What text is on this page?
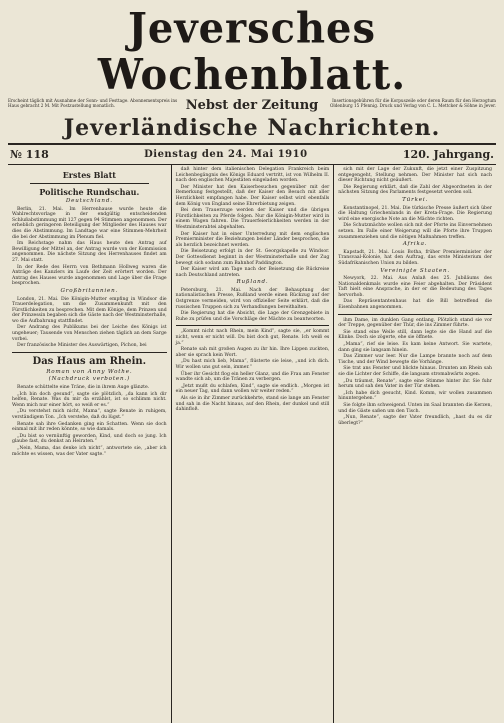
Jeversches Wochenblatt.
Erscheint täglich mit Ausnahme der Sonn- und Festtage. Abonnementspreis ins Haus gebracht 2 M. Mit Postzustellung monatlich.	Nebst der Zeitung	Insertionsgebühren für die Korpuszeile oder deren Raum für den Herzogtum Oldenburg 15 Pfennig. Druck und Verlag von C. L. Mettcker & Söhne in Jever.
Jeverländische Nachrichten.
№ 118	Dienstag den 24. Mai 1910	120. Jahrgang.
Erstes Blatt
Politische Rundschau.
Deutschland.

Berlin, 21. Mai. Im Herrenhause wurde heute die Wahlrechtsvorlage in der endgültig entscheidenden Schlußabstimmung mit 127 gegen 94 Stimmen angenommen. Der erheblich geringeren Beteiligung der Mitglieder des Hauses war dies die Abstimmung. Im Landtage war eine Stimmen-Mehrheit die bei der Abstimmung im Plenum fiel.

Im Reichstage nahm das Haus heute den Antrag auf Bewilligung der Mittel an, der Antrag wurde von der Kommission angenommen. Die nächste Sitzung des Herrenhauses findet am 27. Mai statt.

In der Rede des Herrn von Bethmann Hollweg waren die Anträge des Kanzlers im Laufe der Zeit erörtert worden. Der Antrag des Hauses wurde angenommen und Lage über die Frage besprochen.

Großbritannien.

London, 21. Mai. Die Königin-Mutter empfing in Windsor die Trauerdelegation, um die Zusammenkunft mit den Fürstlichkeiten zu besprechen. Mit dem Könige, dem Prinzen und der Prinzessin begaben sich die Gäste nach der Westminsterhalle, wo die Aufbahrung stattfindet.

Der Andrang des Publikums bei der Leiche des Königs ist ungeheuer; Tausende von Menschen ziehen täglich an dem Sarge vorbei.

Der französische Minister des Auswärtigen, Pichon, bei

Das Haus am Rhein.
Roman von Anny Wothe.
(Nachdruck verboten.)

Renate schüttelte eine Träne, die in ihrem Auge glänzte.

„Ich bin doch gesund“, sagte sie plötzlich, „da kann ich dir helfen, Renate. Was du mir da erzählst, ist so schlimm nicht. Wenn mich nur einer hört, so weiß er es.“

„Du verstehst mich nicht, Mama“, sagte Renate in ruhigem, verständigem Ton. „Ich verstehe, daß du lügst.“

Renate sah ihre Gedanken ging ein Schatten. Wenn sie doch einmal mit ihr reden könnte, so wie damals.

„Du bist so vernünftig geworden, Kind, und doch so jung. Ich glaube fast, du denkst an Heiraten.“

„Nein, Mama, das denke ich nicht“, antwortete sie, „aber ich möchte es wissen, was der Vater sagte.“

daß hinter dem italienischen Delegation Frankreich beim Leichenbegängnis des Königs Eduard vertritt, ist von Wilhelm II. nach den englischen Majestäten eingeladen worden.

Der Minister hat den Kaiserbesuchen gegenüber mit der Bemerkung festgestellt, daß der Kaiser den Besuch mit aller Herzlichkeit empfangen habe. Der Kaiser selbst wird ebenfalls dem König von England seine Ehrerbietung zeigen.

Bei dem Trauerzuge werden der Kaiser und die übrigen Fürstlichkeiten zu Pferde folgen. Nur die Königin-Mutter wird in einem Wagen fahren. Die Trauerfeierlichkeiten werden in der Westminsterabtei abgehalten.

Der Kaiser hat in einer Unterredung mit dem englischen Premierminister die Beziehungen beider Länder besprochen, die als herzlich bezeichnet werden.

Die Beisetzung erfolgt in der St. Georgskapelle zu Windsor. Der Gottesdienst beginnt in der Westminsterhalle und der Zug bewegt sich sodann zum Bahnhof Paddington.

Der Kaiser wird am Tage nach der Beisetzung die Rückreise nach Deutschland antreten.

Rußland.

Petersburg, 21. Mai. Nach der Behauptung der nationalistischen Presse, Rußland werde einen Rückzug auf der Ostgrenze vermeiden, wird von offizieller Seite erklärt, daß die russischen Truppen sich zu Verhandlungen bereithalten.

Die Regierung hat die Absicht, die Lage der Grenzgebiete in Ruhe zu prüfen und die Vorschläge der Mächte zu beantworten.

„Kommt nicht nach Rhein, mein Kind“, sagte sie, „er kommt nicht, wenn er nicht will. Du bist doch gut, Renate. Ich weiß es ja.“

Renate sah mit großen Augen zu ihr hin. Ihre Lippen zuckten, aber sie sprach kein Wort.

„Du hast mich lieb, Mama“, flüsterte sie leise, „und ich dich. Wir wollen uns gut sein, immer.“

Über ihr Gesicht flog ein heller Glanz, und die Frau am Fenster wandte sich ab, um die Tränen zu verbergen.

„Jetzt mußt du schlafen, Kind“, sagte sie endlich. „Morgen ist ein neuer Tag, und dann wollen wir weiter reden.“

Als sie in ihr Zimmer zurückkehrte, stand sie lange am Fenster und sah in die Nacht hinaus, auf den Rhein, der dunkel und still dahinfloß.

sich mit der Lage der Zukunft, die jetzt einer Zuspitzung entgegengeht, Stellung nehmen. Der Minister hat sich nach dieser Richtung nicht geäußert.

Die Regierung erklärt, daß die Zahl der Abgeordneten in der nächsten Sitzung des Parlaments festgesetzt werden soll.

Türkei.

Konstantinopel, 21. Mai. Die türkische Presse äußert sich über die Haltung Griechenlands in der Kreta-Frage. Die Regierung wird eine energische Note an die Mächte richten.

Die Schutzmächte wollen sich mit der Pforte ins Einvernehmen setzen. Im Falle einer Weigerung will die Pforte ihre Truppen zusammenziehen und die nötigen Maßnahmen treffen.

Afrika.

Kapstadt, 21. Mai. Louis Botha, früher Premierminister der Transvaal-Kolonie, hat den Auftrag, das erste Ministerium der Südafrikanischen Union zu bilden.

Vereinigte Staaten.

Newyork, 22. Mai. Aus Anlaß des 25. Jubiläums des Nationaldenkmals wurde eine Feier abgehalten. Der Präsident Taft hielt eine Ansprache, in der er die Bedeutung des Tages hervorhob.

Das Repräsentantenhaus hat die Bill betreffend die Eisenbahnen angenommen.

ihm Dame, im dunklen Gang entlang. Plötzlich stand sie vor der Treppe, gegenüber der Thür, die ins Zimmer führte.

Sie stand eine Weile still, dann legte sie die Hand auf die Klinke. Doch sie zögerte, ehe sie öffnete.

„Mama“, rief sie leise. Es kam keine Antwort. Sie wartete, dann ging sie langsam hinein.

Das Zimmer war leer. Nur die Lampe brannte noch auf dem Tische, und der Wind bewegte die Vorhänge.

Sie trat ans Fenster und blickte hinaus. Drunten am Rhein sah sie die Lichter der Schiffe, die langsam stromabwärts zogen.

„Du träumst, Renate“, sagte eine Stimme hinter ihr. Sie fuhr herum und sah den Vater in der Tür stehen.

„Ich habe dich gesucht, Kind. Komm, wir wollen zusammen hinuntergehen.“

Sie folgte ihm schweigend. Unten im Saal brannten die Kerzen, und die Gäste saßen um den Tisch.

„Nun, Renate“, sagte der Vater freundlich, „hast du es dir überlegt?“
